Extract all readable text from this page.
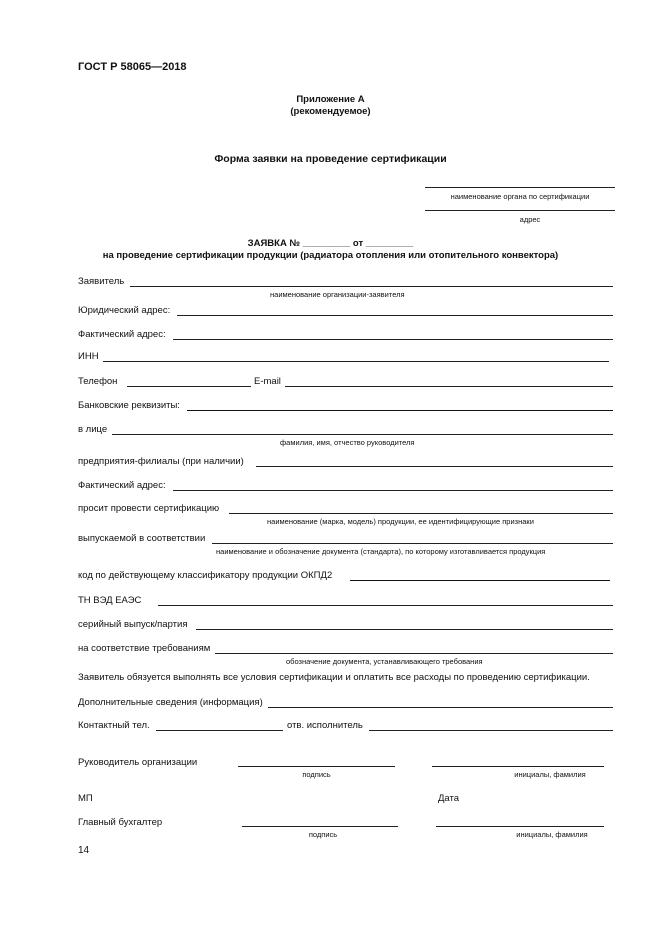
ГОСТ Р 58065—2018
Приложение А
(рекомендуемое)
Форма заявки на проведение сертификации
наименование органа по сертификации
адрес
ЗАЯВКА № _________ от _________
на проведение сертификации продукции (радиатора отопления или отопительного конвектора)
Заявитель
наименование организации-заявителя
Юридический адрес:
Фактический адрес:
ИНН
Телефон	E-mail
Банковские реквизиты:
в лице
фамилия, имя, отчество руководителя
предприятия-филиалы (при наличии)
Фактический адрес:
просит провести сертификацию
наименование (марка, модель) продукции, ее идентифицирующие признаки
выпускаемой в соответствии
наименование и обозначение документа (стандарта), по которому изготавливается продукция
код по действующему классификатору продукции ОКПД2
ТН ВЭД ЕАЭС
серийный выпуск/партия
на соответствие требованиям
обозначение документа, устанавливающего требования
Заявитель обязуется выполнять все условия сертификации и оплатить все расходы по проведению сертификации.
Дополнительные сведения (информация)
Контактный тел.	отв. исполнитель
Руководитель организации
подпись	инициалы, фамилия
МП	Дата
Главный бухгалтер
подпись	инициалы, фамилия
14
